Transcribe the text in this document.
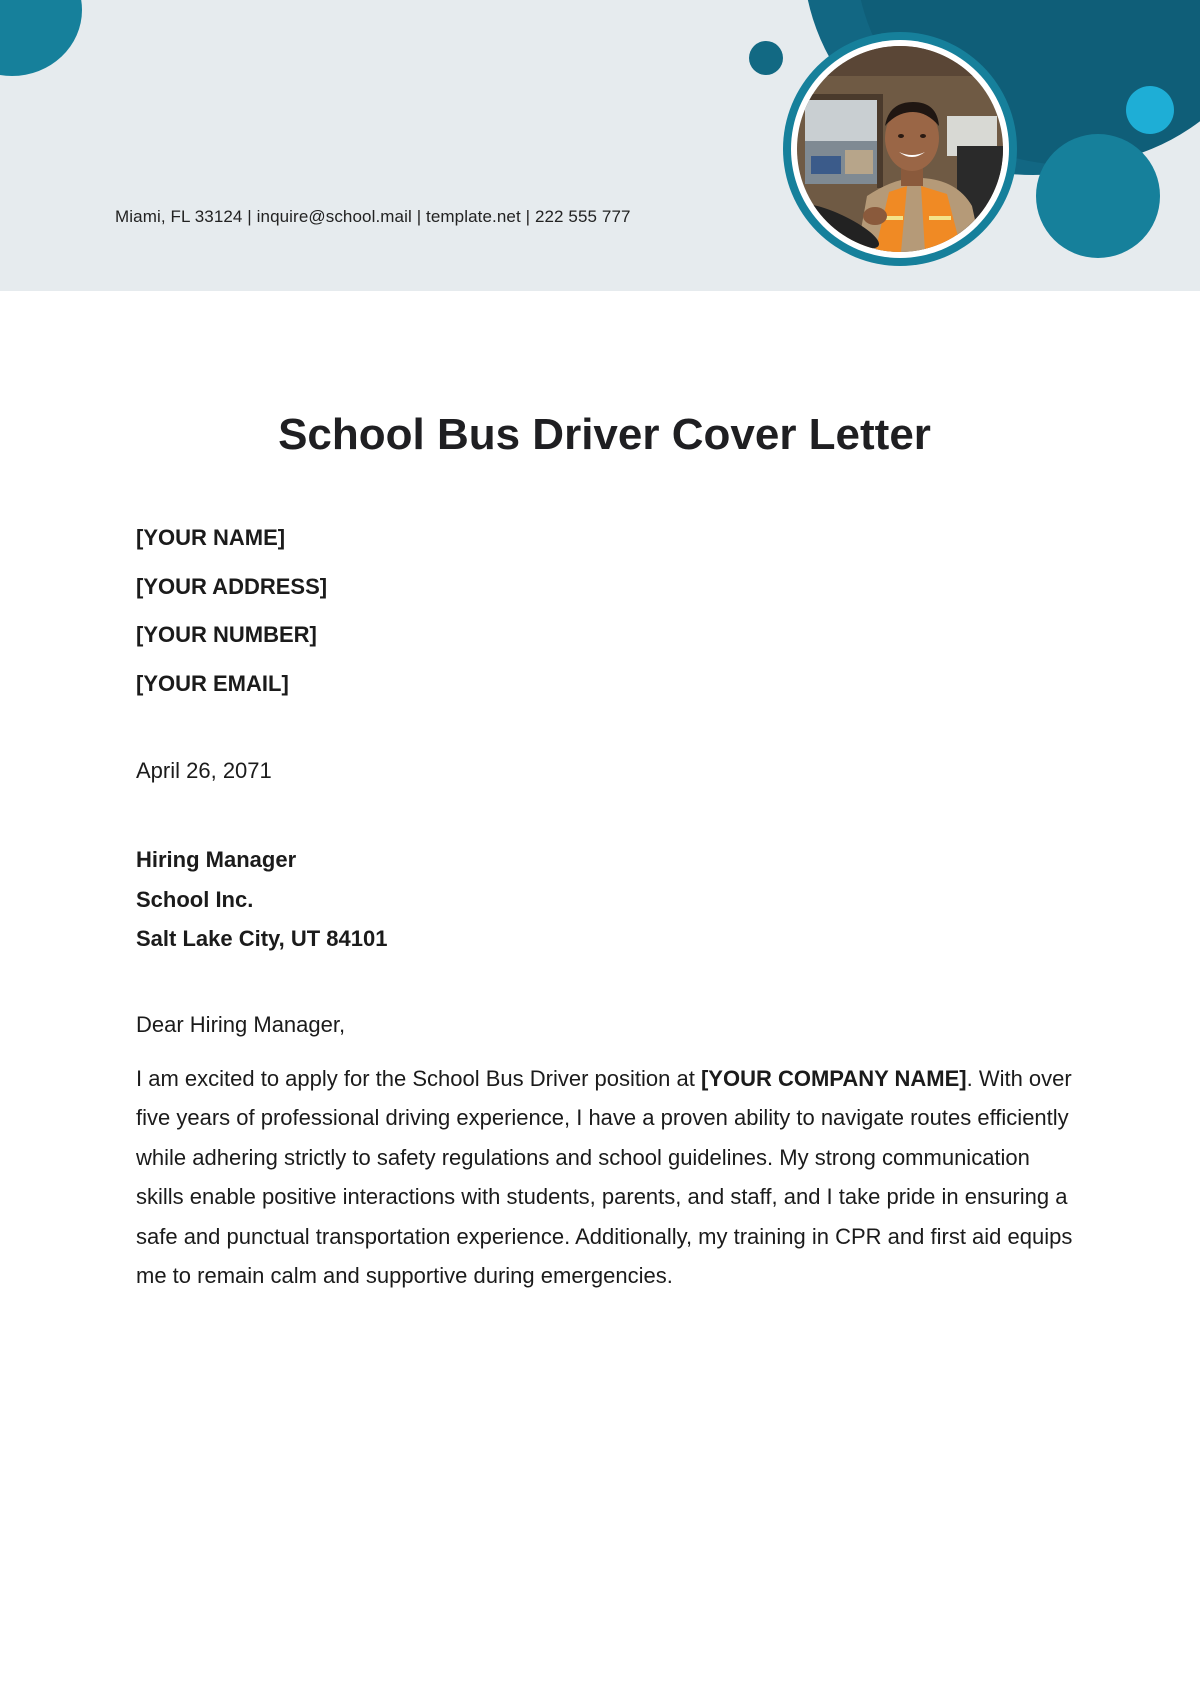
Miami, FL 33124 | inquire@school.mail | template.net | 222 555 777
School Bus Driver Cover Letter
[YOUR NAME]
[YOUR ADDRESS]
[YOUR NUMBER]
[YOUR EMAIL]
April 26, 2071
Hiring Manager
School Inc.
Salt Lake City, UT 84101
Dear Hiring Manager,
I am excited to apply for the School Bus Driver position at [YOUR COMPANY NAME]. With over five years of professional driving experience, I have a proven ability to navigate routes efficiently while adhering strictly to safety regulations and school guidelines. My strong communication skills enable positive interactions with students, parents, and staff, and I take pride in ensuring a safe and punctual transportation experience. Additionally, my training in CPR and first aid equips me to remain calm and supportive during emergencies.
